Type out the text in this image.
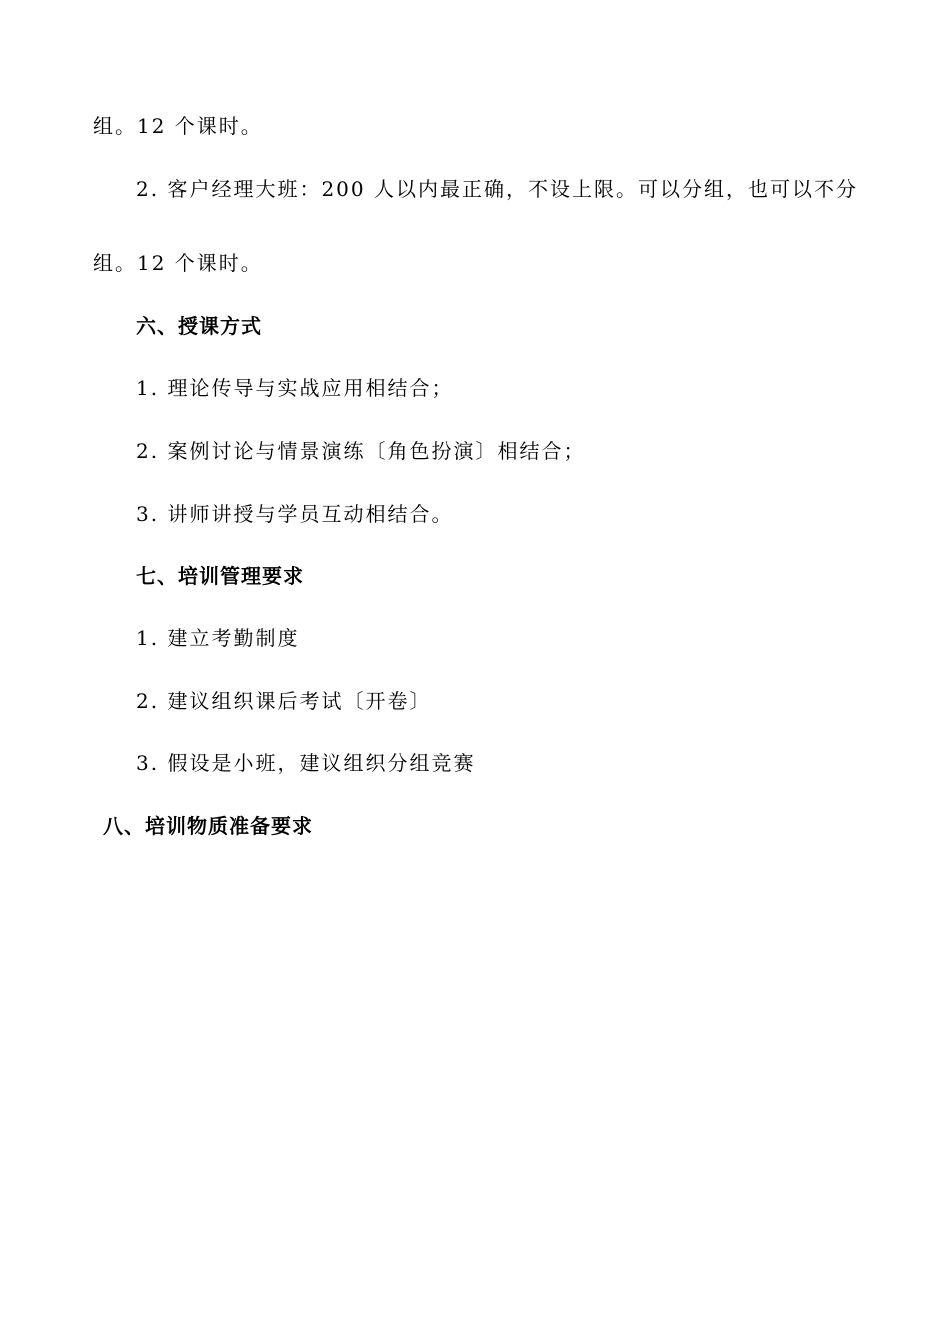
组。12 个课时。
2. 客户经理大班：200 人以内最正确，不设上限。可以分组，也可以不分
组。12 个课时。
六、授课方式
1. 理论传导与实战应用相结合；
2. 案例讨论与情景演练〔角色扮演〕相结合；
3. 讲师讲授与学员互动相结合。
七、培训管理要求
1. 建立考勤制度
2. 建议组织课后考试〔开卷〕
3. 假设是小班，建议组织分组竞赛
八、培训物质准备要求
